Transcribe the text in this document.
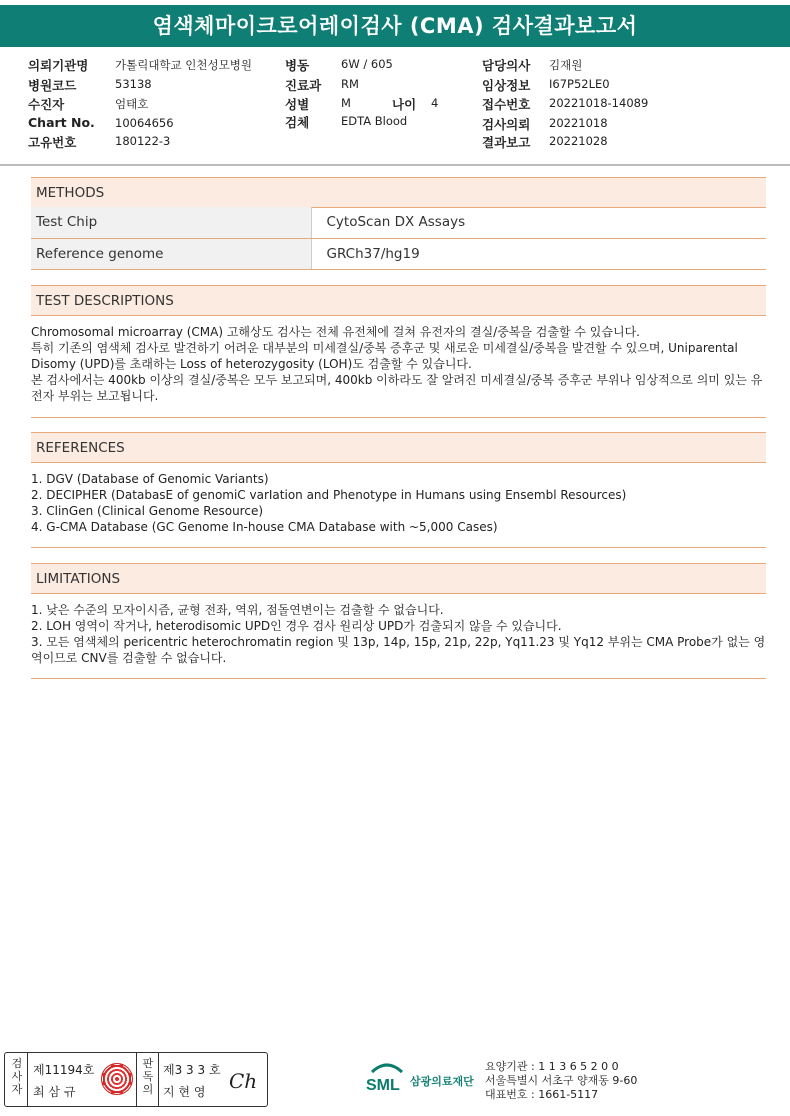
염색체마이크로어레이검사 (CMA) 검사결과보고서
의뢰기관명 가톨릭대학교 인천성모병원
병원코드	53138
수진자	엄태호
Chart No. 10064656
고유번호	180122-3
병동	6W / 605
진료과 RM
성별	M	나이 4
검체	EDTA Blood
담당의사 김재원
임상정보 I67P52LE0
접수번호 20221018-14089
검사의뢰 20221018
결과보고 20221028
METHODS
Test Chip	CytoScan DX Assays
Reference genome	GRCh37/hg19
TEST DESCRIPTIONS

Chromosomal microarray (CMA) 고해상도 검사는 전체 유전체에 걸쳐 유전자의 결실/중복을 검출할 수 있습니다.

특히 기존의 염색체 검사로 발견하기 어려운 대부분의 미세결실/중복 증후군 및 새로운 미세결실/중복을 발견할 수 있으며, Uniparental Disomy (UPD)를 초래하는 Loss of heterozygosity (LOH)도 검출할 수 있습니다.

본 검사에서는 400kb 이상의 결실/중복은 모두 보고되며, 400kb 이하라도 잘 알려진 미세결실/중복 증후군 부위나 임상적으로 의미 있는 유전자 부위는 보고됩니다.

REFERENCES

1. DGV (Database of Genomic Variants)

2. DECIPHER (DatabasE of genomiC varIation and Phenotype in Humans using Ensembl Resources)

3. ClinGen (Clinical Genome Resource)

4. G-CMA Database (GC Genome In-house CMA Database with ~5,000 Cases)

LIMITATIONS

1. 낮은 수준의 모자이시즘, 균형 전좌, 역위, 점돌연변이는 검출할 수 없습니다.

2. LOH 영역이 작거나, heterodisomic UPD인 경우 검사 원리상 UPD가 검출되지 않을 수 있습니다.

3. 모든 염색체의 pericentric heterochromatin region 및 13p, 14p, 15p, 21p, 22p, Yq11.23 및 Yq12 부위는 CMA Probe가 없는 영역이므로 CNV를 검출할 수 없습니다.

검
사
자
제11194호
최 삼 규
판
독
의
제3 3 3 호
지 현 영 Ch	SML 삼광의료재단
요양기관 : 1 1 3 6 5 2 0 0
서울특별시 서초구 양재동 9-60
대표번호 : 1661-5117
